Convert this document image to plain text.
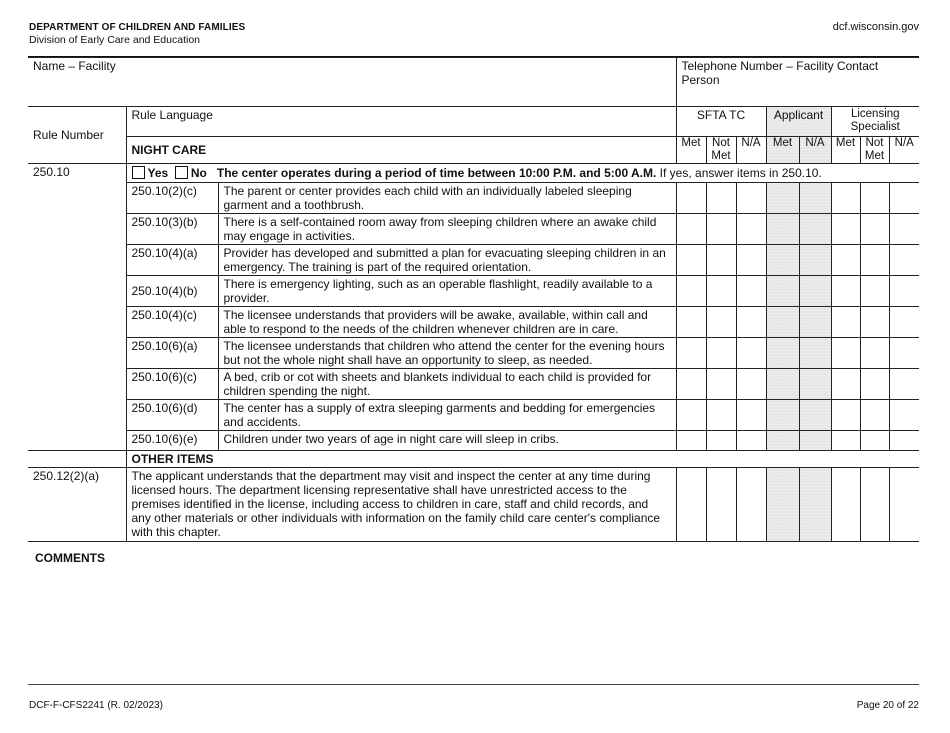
DEPARTMENT OF CHILDREN AND FAMILIES
Division of Early Care and Education
dcf.wisconsin.gov
Name – Facility			Telephone Number – Facility Contact Person							
Rule Number	Rule Language		SFTA TC			Applicant		Licensing Specialist		
	NIGHT CARE		Met	Not Met	N/A	Met	N/A	Met	Not Met	N/A
250.10	Yes No The center operates during a period of time between 10:00 P.M. and 5:00 A.M. If yes, answer items in 250.10.									
	250.10(2)(c)	The parent or center provides each child with an individually labeled sleeping garment and a toothbrush.								
	250.10(3)(b)	There is a self-contained room away from sleeping children where an awake child may engage in activities.								
	250.10(4)(a)	Provider has developed and submitted a plan for evacuating sleeping children in an emergency. The training is part of the required orientation.								
	250.10(4)(b)	There is emergency lighting, such as an operable flashlight, readily available to a provider.								
	250.10(4)(c)	The licensee understands that providers will be awake, available, within call and able to respond to the needs of the children whenever children are in care.								
	250.10(6)(a)	The licensee understands that children who attend the center for the evening hours but not the whole night shall have an opportunity to sleep, as needed.								
	250.10(6)(c)	A bed, crib or cot with sheets and blankets individual to each child is provided for children spending the night.								
	250.10(6)(d)	The center has a supply of extra sleeping garments and bedding for emergencies and accidents.								
	250.10(6)(e)	Children under two years of age in night care will sleep in cribs.								
	OTHER ITEMS									
250.12(2)(a)	The applicant understands that the department may visit and inspect the center at any time during licensed hours. The department licensing representative shall have unrestricted access to the premises identified in the license, including access to children in care, staff and child records, and any other materials or other individuals with information on the family child care center's compliance with this chapter.									
COMMENTS
DCF-F-CFS2241 (R. 02/2023)	Page 20 of 22
